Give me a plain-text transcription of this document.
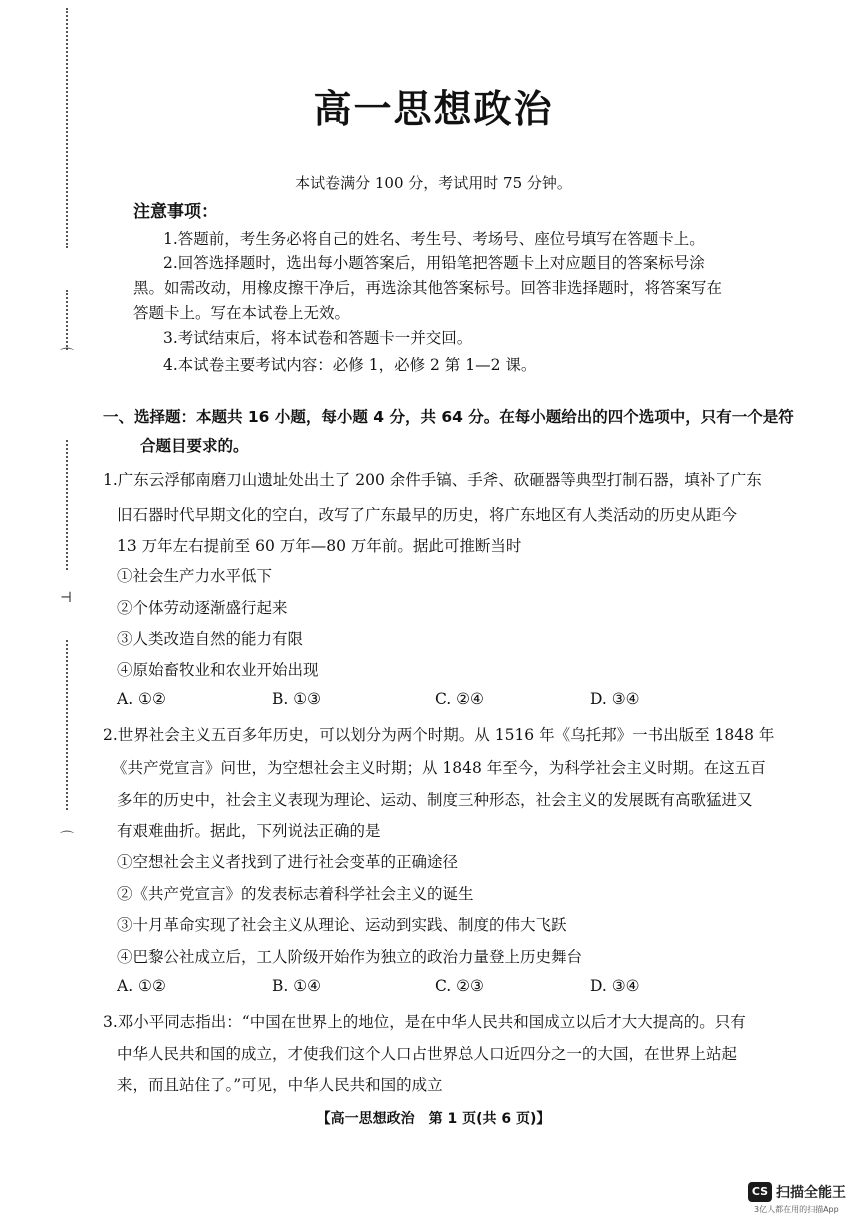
⌒
⊣
⌒
高一思想政治
本试卷满分 100 分，考试用时 75 分钟。
注意事项：
1.答题前，考生务必将自己的姓名、考生号、考场号、座位号填写在答题卡上。
2.回答选择题时，选出每小题答案后，用铅笔把答题卡上对应题目的答案标号涂
黑。如需改动，用橡皮擦干净后，再选涂其他答案标号。回答非选择题时，将答案写在
答题卡上。写在本试卷上无效。
3.考试结束后，将本试卷和答题卡一并交回。
4.本试卷主要考试内容：必修 1，必修 2 第 1—2 课。
一、选择题：本题共 16 小题，每小题 4 分，共 64 分。在每小题给出的四个选项中，只有一个是符
合题目要求的。
1.广东云浮郁南磨刀山遗址处出土了 200 余件手镐、手斧、砍砸器等典型打制石器，填补了广东
旧石器时代早期文化的空白，改写了广东最早的历史，将广东地区有人类活动的历史从距今
13 万年左右提前至 60 万年—80 万年前。据此可推断当时
①社会生产力水平低下
②个体劳动逐渐盛行起来
③人类改造自然的能力有限
④原始畜牧业和农业开始出现
A. ①②	B. ①③	C. ②④	D. ③④
2.世界社会主义五百多年历史，可以划分为两个时期。从 1516 年《乌托邦》一书出版至 1848 年
《共产党宣言》问世，为空想社会主义时期；从 1848 年至今，为科学社会主义时期。在这五百
多年的历史中，社会主义表现为理论、运动、制度三种形态，社会主义的发展既有高歌猛进又
有艰难曲折。据此，下列说法正确的是
①空想社会主义者找到了进行社会变革的正确途径
②《共产党宣言》的发表标志着科学社会主义的诞生
③十月革命实现了社会主义从理论、运动到实践、制度的伟大飞跃
④巴黎公社成立后，工人阶级开始作为独立的政治力量登上历史舞台
A. ①②	B. ①④	C. ②③	D. ③④
3.邓小平同志指出：“中国在世界上的地位，是在中华人民共和国成立以后才大大提高的。只有
中华人民共和国的成立，才使我们这个人口占世界总人口近四分之一的大国，在世界上站起
来，而且站住了。”可见，中华人民共和国的成立
【高一思想政治　第 1 页(共 6 页)】
CS 扫描全能王
3亿人都在用的扫描App
